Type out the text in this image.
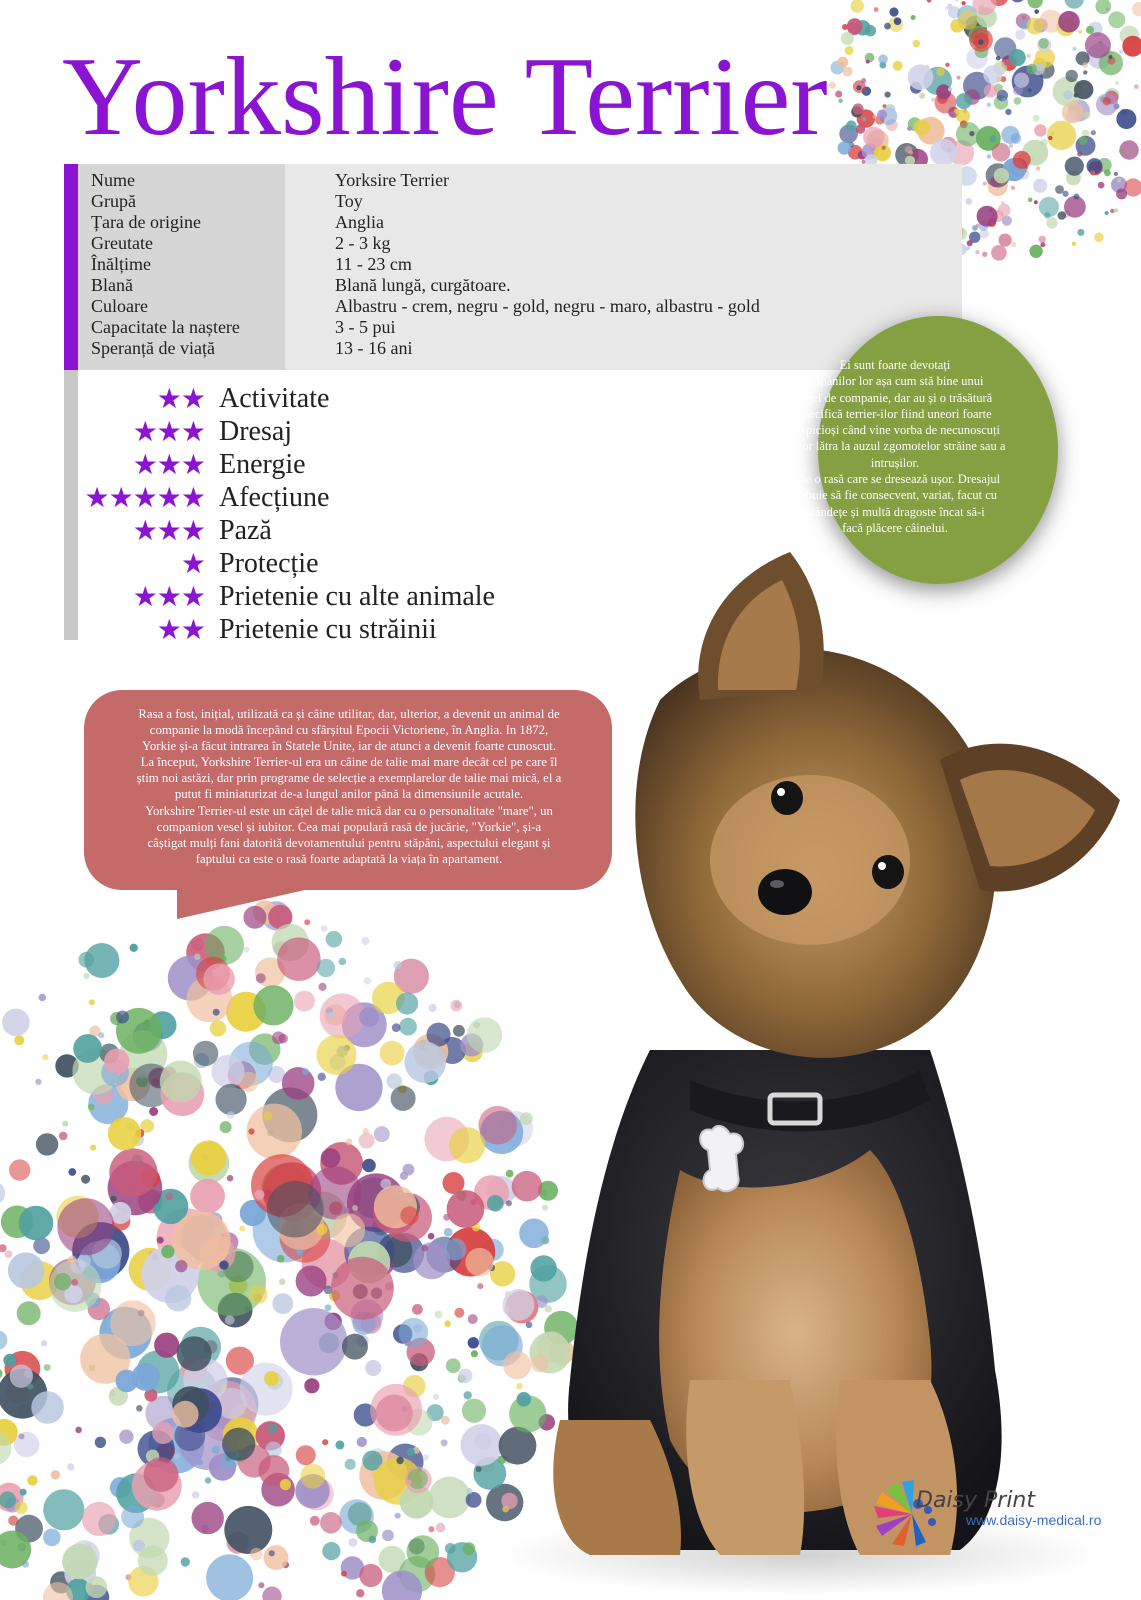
Yorkshire Terrier
Nume	Yorksire Terrier
Grupă	Toy
Țara de origine	Anglia
Greutate	2 - 3 kg
Înălțime	11 - 23 cm
Blană	Blană lungă, curgătoare.
Culoare	Albastru - crem, negru - gold, negru - maro, albastru - gold
Capacitate la naștere	3 - 5 pui
Speranță de viață	13 - 16 ani
★★ Activitate
★★★ Dresaj
★★★ Energie
★★★★★ Afecțiune
★★★ Pază
★ Protecție
★★★ Prietenie cu alte animale
★★ Prietenie cu străinii

Ei sunt foarte devotați

stăpânilor lor așa cum stă bine unui

cățel de companie, dar au și o trăsătură

specifică terrier-ilor fiind uneori foarte

suspicioși când vine vorba de necunoscuți

și vor lătra la auzul zgomotelor străine sau a

intrușilor.

Este o rasă care se dresează ușor. Dresajul

trebuie să fie consecvent, variat, facut cu

blândețe și multă dragoste încat să-i

facă plăcere câinelui.

Rasa a fost, inițial, utilizată ca și câine utilitar, dar, ulterior, a devenit un animal de

companie la modă începând cu sfârșitul Epocii Victoriene, în Anglia. In 1872,

Yorkie și-a făcut intrarea în Statele Unite, iar de atunci a devenit foarte cunoscut.

La început, Yorkshire Terrier-ul era un câine de talie mai mare decât cel pe care îl

știm noi astăzi, dar prin programe de selecție a exemplarelor de talie mai mică, el a

putut fi miniaturizat de-a lungul anilor până la dimensiunile acutale.

Yorkshire Terrier-ul este un cățel de talie mică dar cu o personalitate "mare", un

companion vesel și iubitor. Cea mai populară rasă de jucărie, "Yorkie", și-a

câștigat mulți fani datorită devotamentului pentru stăpâni, aspectului elegant și

faptului ca este o rasă foarte adaptată la viața în apartament.

Daisy Print
www.daisy-medical.ro
